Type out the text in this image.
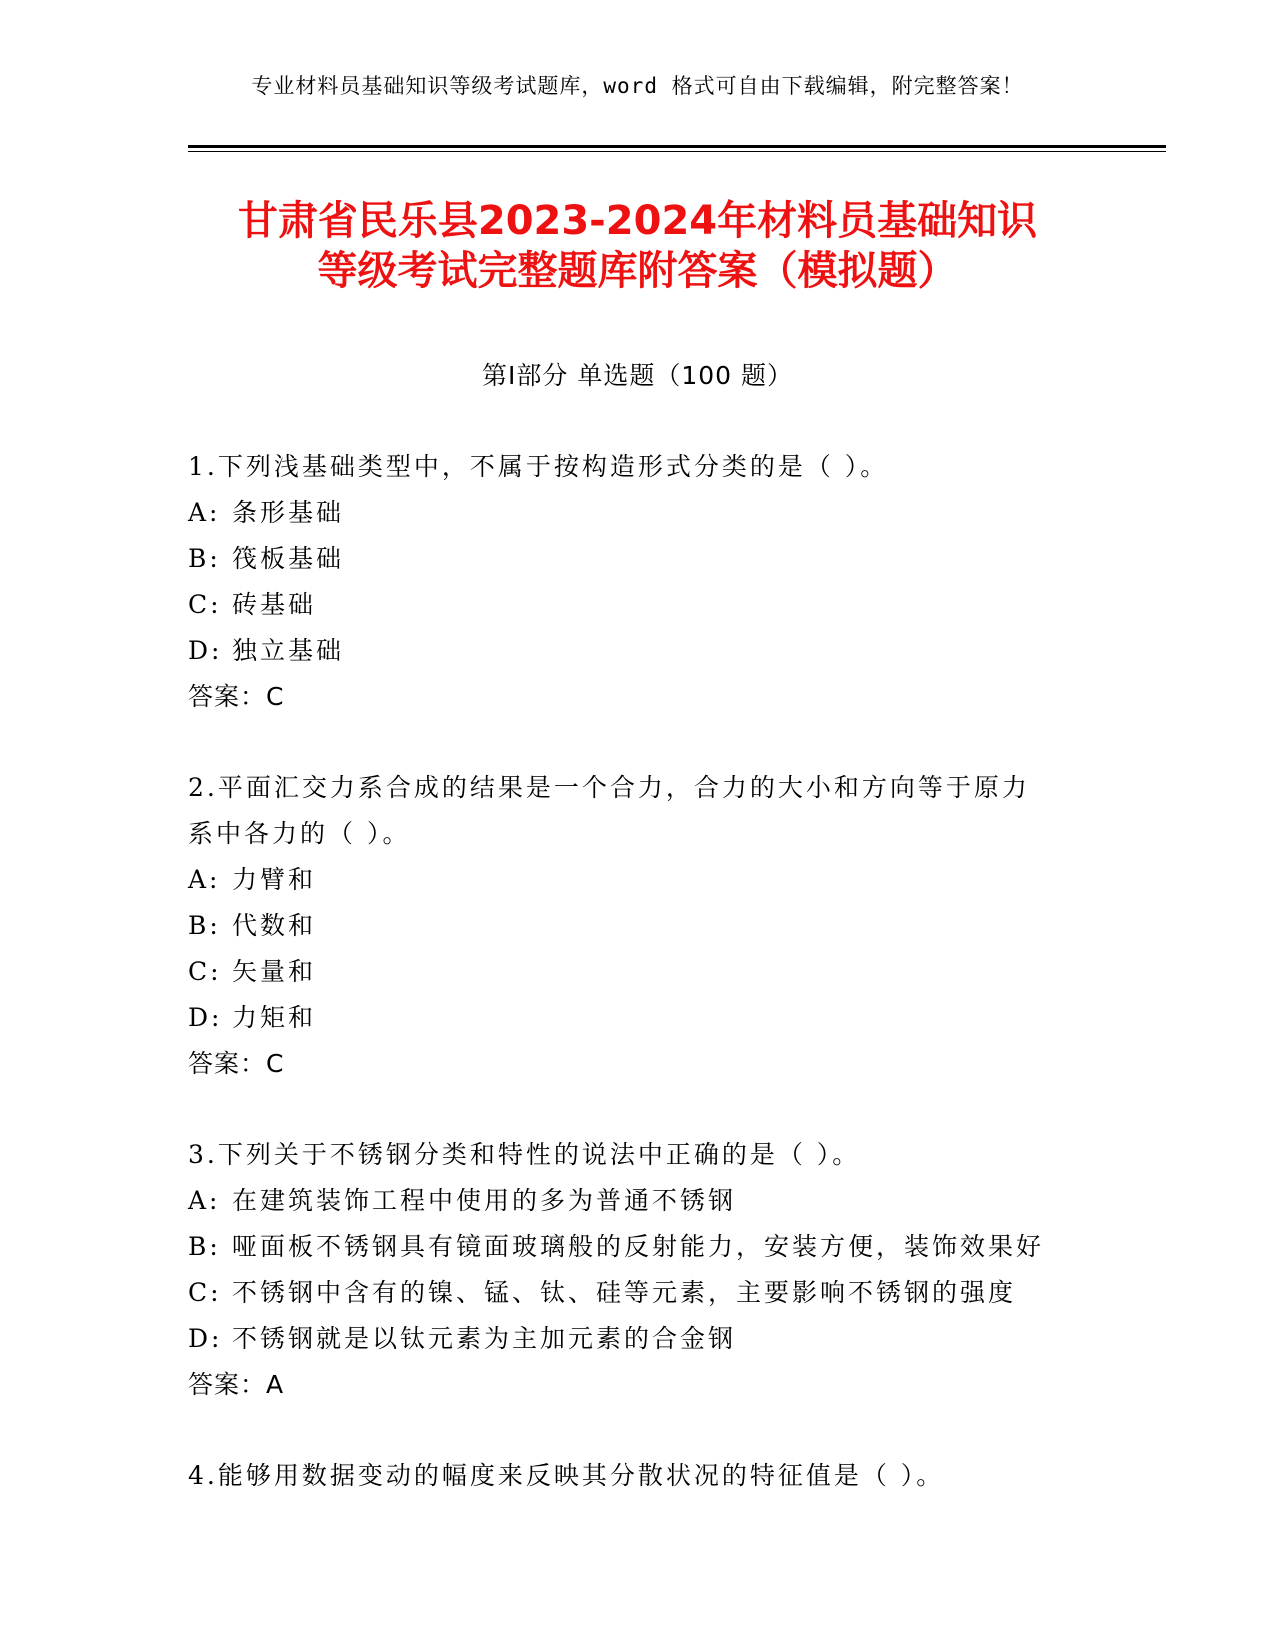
专业材料员基础知识等级考试题库，word 格式可自由下载编辑，附完整答案！
甘肃省民乐县2023-2024年材料员基础知识
等级考试完整题库附答案（模拟题）
第Ⅰ部分 单选题（100 题）
1.下列浅基础类型中，不属于按构造形式分类的是（ ）。
A: 条形基础
B: 筏板基础
C: 砖基础
D: 独立基础
答案：C
2.平面汇交力系合成的结果是一个合力，合力的大小和方向等于原力
系中各力的（ ）。
A: 力臂和
B: 代数和
C: 矢量和
D: 力矩和
答案：C
3.下列关于不锈钢分类和特性的说法中正确的是（ ）。
A: 在建筑装饰工程中使用的多为普通不锈钢
B: 哑面板不锈钢具有镜面玻璃般的反射能力，安装方便，装饰效果好
C: 不锈钢中含有的镍、锰、钛、硅等元素，主要影响不锈钢的强度
D: 不锈钢就是以钛元素为主加元素的合金钢
答案：A
4.能够用数据变动的幅度来反映其分散状况的特征值是（ ）。
